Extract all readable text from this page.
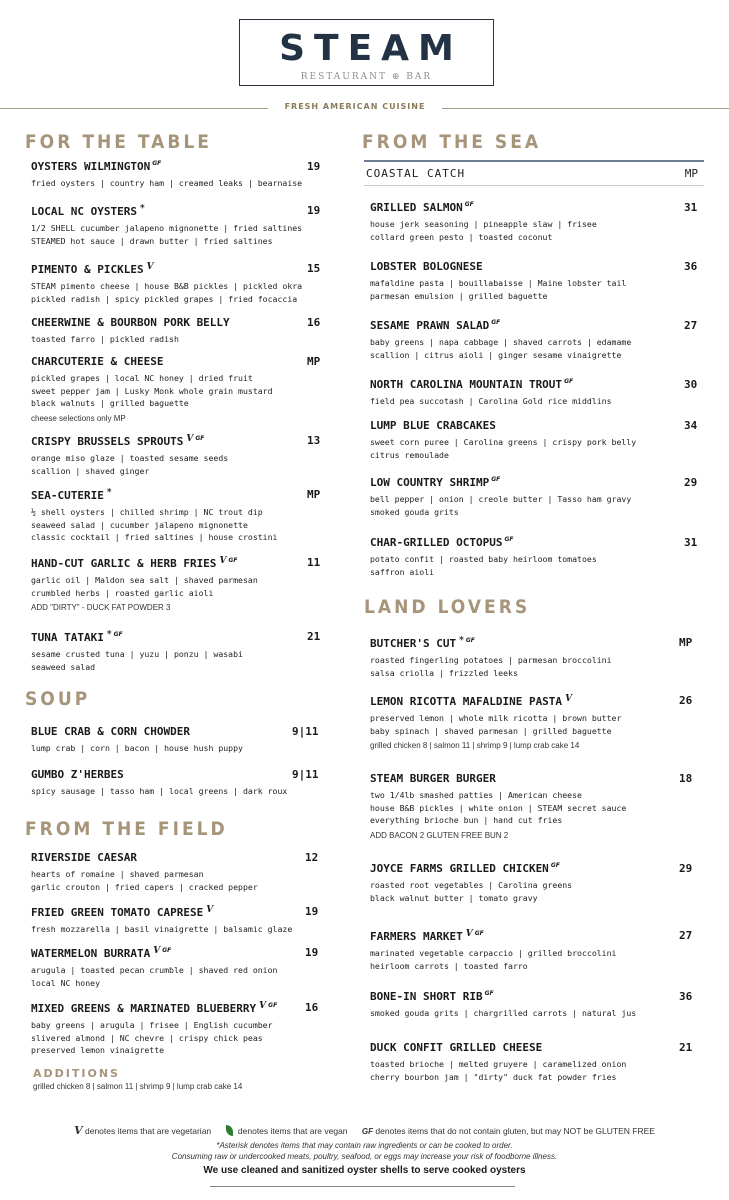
STEAM
RESTAURANT ⊕ BAR
FRESH AMERICAN CUISINE
FOR THE TABLE
SOUP
FROM THE FIELD
FROM THE SEA
LAND LOVERS
COASTAL CATCH	MP
OYSTERS WILMINGTON $^{GF}$
fried oysters | country ham | creamed leaks | bearnaise
19
LOCAL NC OYSTERS *
1/2 SHELL cucumber jalapeno mignonette | fried saltines
STEAMED hot sauce | drawn butter | fried saltines
19
PIMENTO & PICKLES $^V$
STEAM pimento cheese | house B&B pickles | pickled okra
pickled radish | spicy pickled grapes | fried focaccia
15
CHEERWINE & BOURBON PORK BELLY
toasted farro | pickled radish
16
CHARCUTERIE & CHEESE
pickled grapes | local NC honey | dried fruit
sweet pepper jam | Lusky Monk whole grain mustard
black walnuts | grilled baguette
cheese selections only MP
MP
CRISPY BRUSSELS SPROUTS $^V$ $^{GF}$
orange miso glaze | toasted sesame seeds
scallion | shaved ginger
13
SEA-CUTERIE *
½ shell oysters | chilled shrimp | NC trout dip
seaweed salad | cucumber jalapeno mignonette
classic cocktail | fried saltines | house crostini
MP
HAND-CUT GARLIC & HERB FRIES $^V$ $^{GF}$
garlic oil | Maldon sea salt | shaved parmesan
crumbled herbs | roasted garlic aioli
ADD "DIRTY" - DUCK FAT POWDER 3
11
TUNA TATAKI * $^{GF}$
sesame crusted tuna | yuzu | ponzu | wasabi
seaweed salad
21
BLUE CRAB & CORN CHOWDER
lump crab | corn | bacon | house hush puppy
9|11
GUMBO Z'HERBES
spicy sausage | tasso ham | local greens | dark roux
9|11
RIVERSIDE CAESAR
hearts of romaine | shaved parmesan
garlic crouton | fried capers | cracked pepper
12
FRIED GREEN TOMATO CAPRESE $^V$
fresh mozzarella | basil vinaigrette | balsamic glaze
19
WATERMELON BURRATA $^V$ $^{GF}$
arugula | toasted pecan crumble | shaved red onion
local NC honey
19
MIXED GREENS & MARINATED BLUEBERRY $^V$ $^{GF}$
baby greens | arugula | frisee | English cucumber
slivered almond | NC chevre | crispy chick peas
preserved lemon vinaigrette
16
GRILLED SALMON $^{GF}$
house jerk seasoning | pineapple slaw | frisee
collard green pesto | toasted coconut
31
LOBSTER BOLOGNESE
mafaldine pasta | bouillabaisse | Maine lobster tail
parmesan emulsion | grilled baguette
36
SESAME PRAWN SALAD $^{GF}$
baby greens | napa cabbage | shaved carrots | edamame
scallion | citrus aioli | ginger sesame vinaigrette
27
NORTH CAROLINA MOUNTAIN TROUT $^{GF}$
field pea succotash | Carolina Gold rice middlins
30
LUMP BLUE CRABCAKES
sweet corn puree | Carolina greens | crispy pork belly
citrus remoulade
34
LOW COUNTRY SHRIMP $^{GF}$
bell pepper | onion | creole butter | Tasso ham gravy
smoked gouda grits
29
CHAR-GRILLED OCTOPUS $^{GF}$
potato confit | roasted baby heirloom tomatoes
saffron aioli
31
BUTCHER'S CUT * $^{GF}$
roasted fingerling potatoes | parmesan broccolini
salsa criolla | frizzled leeks
MP
LEMON RICOTTA MAFALDINE PASTA $^V$
preserved lemon | whole milk ricotta | brown butter
baby spinach | shaved parmesan | grilled baguette
grilled chicken 8 | salmon 11 | shrimp 9 | lump crab cake 14
26
STEAM BURGER BURGER
two 1/4lb smashed patties | American cheese
house B&B pickles | white onion | STEAM secret sauce
everything brioche bun | hand cut fries
ADD BACON 2 GLUTEN FREE BUN 2
18
JOYCE FARMS GRILLED CHICKEN $^{GF}$
roasted root vegetables | Carolina greens
black walnut butter | tomato gravy
29
FARMERS MARKET $^V$ $^{GF}$
marinated vegetable carpaccio | grilled broccolini
heirloom carrots | toasted farro
27
BONE-IN SHORT RIB $^{GF}$
smoked gouda grits | chargrilled carrots | natural jus
36
DUCK CONFIT GRILLED CHEESE
toasted brioche | melted gruyere | caramelized onion
cherry bourbon jam | "dirty" duck fat powder fries
21
ADDITIONS
grilled chicken 8 | salmon 11 | shrimp 9 | lump crab cake 14
V denotes items that are vegetarian	denotes items that are vegan GF denotes items that do not contain gluten, but may NOT be GLUTEN FREE
*Asterisk denotes items that may contain raw ingredients or can be cooked to order.
Consuming raw or undercooked meats, poultry, seafood, or eggs may increase your risk of foodborne illness.
We use cleaned and sanitized oyster shells to serve cooked oysters
